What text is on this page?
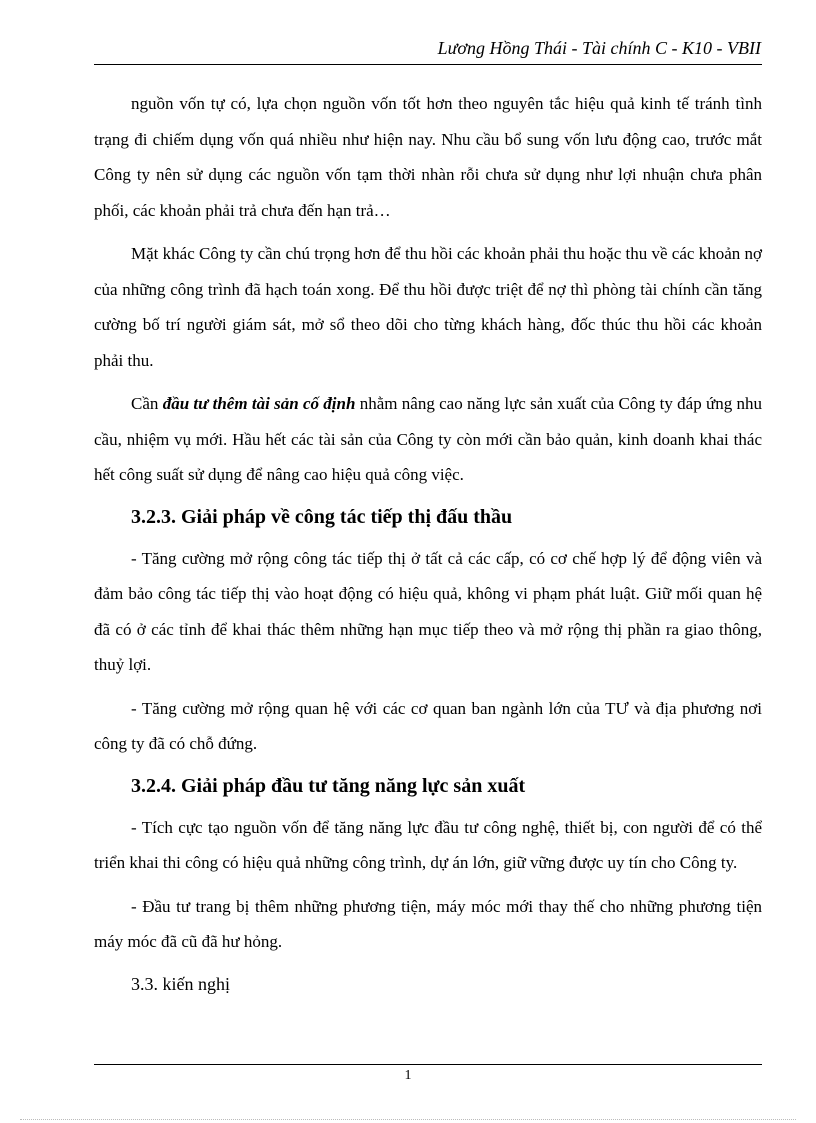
Lương Hồng Thái - Tài chính C - K10 - VBII

nguồn vốn tự có, lựa chọn nguồn vốn tốt hơn theo nguyên tắc hiệu quả kinh tế tránh tình trạng đi chiếm dụng vốn quá nhiều như hiện nay. Nhu cầu bổ sung vốn lưu động cao, trước mắt Công ty nên sử dụng các nguồn vốn tạm thời nhàn rỗi chưa sử dụng như lợi nhuận chưa phân phối, các khoản phải trả chưa đến hạn trả…

Mặt khác Công ty cần chú trọng hơn để thu hồi các khoản phải thu hoặc thu về các khoản nợ của những công trình đã hạch toán xong. Để thu hồi được triệt để nợ thì phòng tài chính cần tăng cường bố trí người giám sát, mở sổ theo dõi cho từng khách hàng, đốc thúc thu hồi các khoản phải thu.

Cần đầu tư thêm tài sản cố định nhằm nâng cao năng lực sản xuất của Công ty đáp ứng nhu cầu, nhiệm vụ mới. Hầu hết các tài sản của Công ty còn mới cần bảo quản, kinh doanh khai thác hết công suất sử dụng để nâng cao hiệu quả công việc.

3.2.3. Giải pháp về công tác tiếp thị đấu thầu

- Tăng cường mở rộng công tác tiếp thị ở tất cả các cấp, có cơ chế hợp lý để động viên và đảm bảo công tác tiếp thị vào hoạt động có hiệu quả, không vi phạm phát luật. Giữ mối quan hệ đã có ở các tỉnh để khai thác thêm những hạn mục tiếp theo và mở rộng thị phần ra giao thông, thuỷ lợi.

- Tăng cường mở rộng quan hệ với các cơ quan ban ngành lớn của TƯ và địa phương nơi công ty đã có chỗ đứng.

3.2.4. Giải pháp đầu tư tăng năng lực sản xuất

- Tích cực tạo nguồn vốn để tăng năng lực đầu tư công nghệ, thiết bị, con người để có thể triển khai thi công có hiệu quả những công trình, dự án lớn, giữ vững được uy tín cho Công ty.

- Đầu tư trang bị thêm những phương tiện, máy móc mới thay thế cho những phương tiện máy móc đã cũ đã hư hỏng.

3.3. kiến nghị
1
